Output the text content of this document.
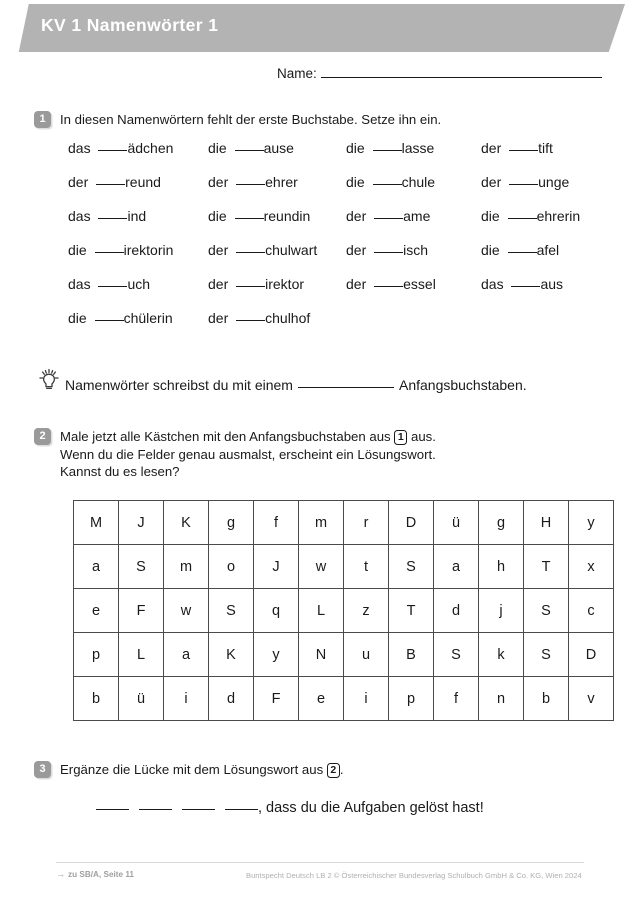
KV 1 Namenwörter 1
Name:
1	In diesen Namenwörtern fehlt der erste Buchstabe. Setze ihn ein.
das ädchen	die ause	die lasse	der tift
der reund	der ehrer	die chule	der unge
das ind	die reundin	der ame	die ehrerin
die irektorin	der chulwart	der isch	die afel
das uch	der irektor	der essel	das aus
die chülerin	der chulhof
Namenwörter schreibst du mit einem	Anfangsbuchstaben.
2	Male jetzt alle Kästchen mit den Anfangsbuchstaben aus 1 aus.
Wenn du die Felder genau ausmalst, erscheint ein Lösungswort.
Kannst du es lesen?
M	J	K	g	f	m	r	D	ü	g	H	y
a	S	m	o	J	w	t	S	a	h	T	x
e	F	w	S	q	L	z	T	d	j	S	c
p	L	a	K	y	N	u	B	S	k	S	D
b	ü	i	d	F	e	i	p	f	n	b	v
3	Ergänze die Lücke mit dem Lösungswort aus 2 .
, dass du die Aufgaben gelöst hast!
→ zu SB/A, Seite 11	Buntspecht Deutsch LB 2 © Österreichischer Bundesverlag Schulbuch GmbH & Co. KG, Wien 2024
